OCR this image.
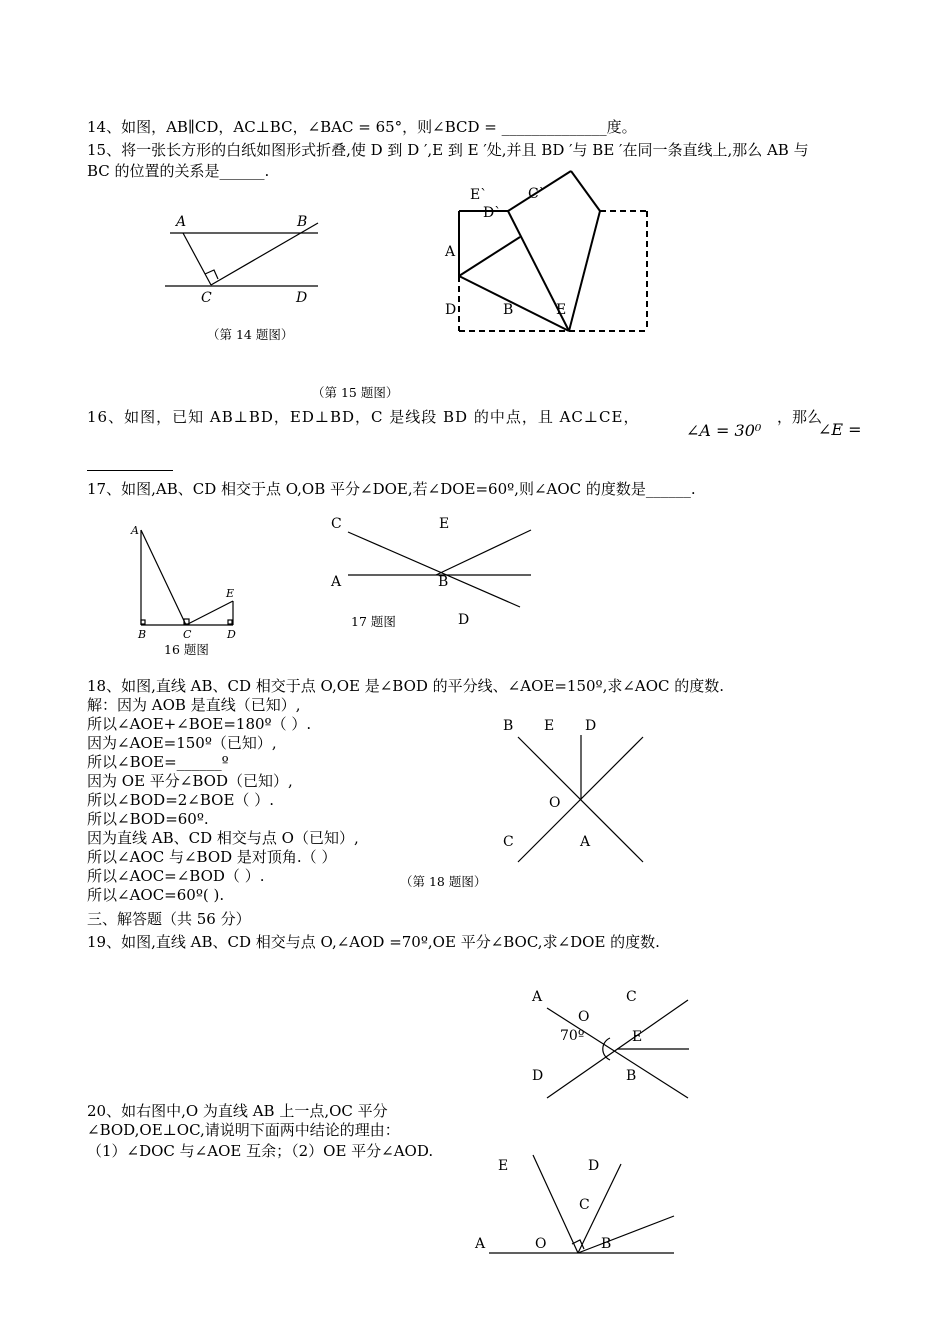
14、如图，AB∥CD，AC⊥BC，∠BAC = 65°，则∠BCD = ______________度。
15、将一张长方形的白纸如图形式折叠,使 D 到 D ′,E 到 E ′处,并且 BD ′与 BE ′在同一条直线上,那么 AB 与
BC 的位置的关系是______.
（第 14 题图）
（第 15 题图）
16、如图，已知 AB⊥BD，ED⊥BD，C 是线段 BD 的中点，且 AC⊥CE，
∠A = 30⁰
，那么
∠E =
17、如图,AB、CD 相交于点 O,OB 平分∠DOE,若∠DOE=60º,则∠AOC 的度数是______.
16 题图
17 题图
18、如图,直线 AB、CD 相交于点 O,OE 是∠BOD 的平分线、∠AOE=150º,求∠AOC 的度数.
解：因为 AOB 是直线（已知）,
所以∠AOE+∠BOE=180º（ ）.
因为∠AOE=150º（已知）,
所以∠BOE=______º
因为 OE 平分∠BOD（已知）,
所以∠BOD=2∠BOE（ ）.
所以∠BOD=60º.
因为直线 AB、CD 相交与点 O（已知）,
所以∠AOC 与∠BOD 是对顶角.（ ）
所以∠AOC=∠BOD（ ）.
所以∠AOC=60º( ).
（第 18 题图）
三、解答题（共 56 分）
19、如图,直线 AB、CD 相交与点 O,∠AOD =70º,OE 平分∠BOC,求∠DOE 的度数.
20、如右图中,O 为直线 AB 上一点,OC 平分
∠BOD,OE⊥OC,请说明下面两中结论的理由：
（1）∠DOC 与∠AOE 互余；（2）OE 平分∠AOD.
A	B
C	D
E`	C`
D`
A
D	B	E
A
B	C	D
E
C	E
A	B
D
B E D
O
C	A
A	C
O
70º	E
D	B
E	D
C
A	O	B
